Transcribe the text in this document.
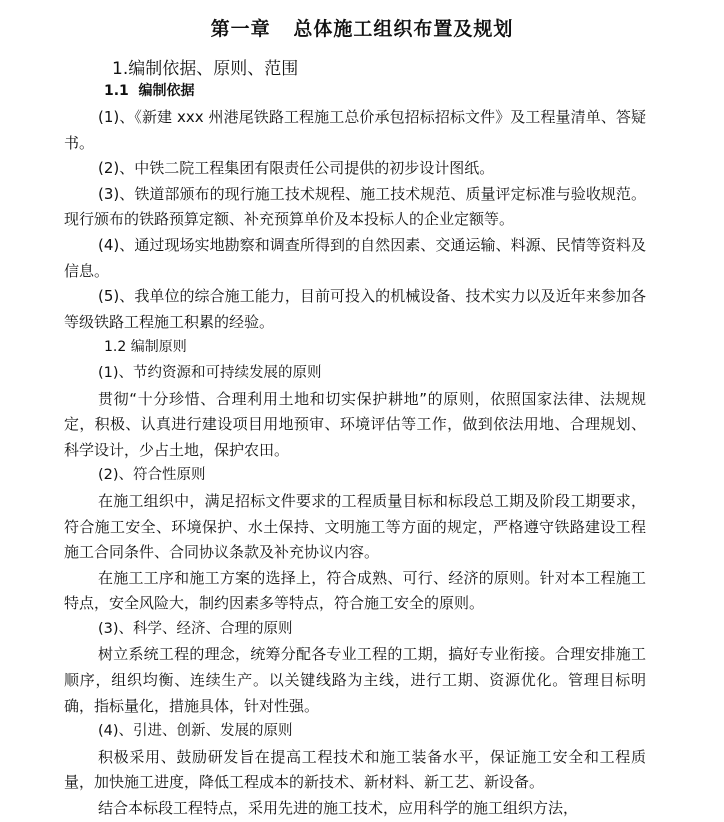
第一章   总体施工组织布置及规划
1.编制依据、原则、范围
1.1  编制依据

(1)、《新建 xxx 州港尾铁路工程施工总价承包招标招标文件》及工程量清单、答疑书。

(2)、中铁二院工程集团有限责任公司提供的初步设计图纸。

(3)、铁道部颁布的现行施工技术规程、施工技术规范、质量评定标准与验收规范。现行颁布的铁路预算定额、补充预算单价及本投标人的企业定额等。

(4)、通过现场实地勘察和调查所得到的自然因素、交通运输、料源、民情等资料及信息。

(5)、我单位的综合施工能力，目前可投入的机械设备、技术实力以及近年来参加各等级铁路工程施工积累的经验。

1.2 编制原则

(1)、节约资源和可持续发展的原则

贯彻“十分珍惜、合理利用土地和切实保护耕地”的原则，依照国家法律、法规规定，积极、认真进行建设项目用地预审、环境评估等工作，做到依法用地、合理规划、科学设计，少占土地，保护农田。

(2)、符合性原则

在施工组织中，满足招标文件要求的工程质量目标和标段总工期及阶段工期要求，符合施工安全、环境保护、水土保持、文明施工等方面的规定，严格遵守铁路建设工程施工合同条件、合同协议条款及补充协议内容。

在施工工序和施工方案的选择上，符合成熟、可行、经济的原则。针对本工程施工特点，安全风险大，制约因素多等特点，符合施工安全的原则。

(3)、科学、经济、合理的原则

树立系统工程的理念，统筹分配各专业工程的工期，搞好专业衔接。合理安排施工顺序，组织均衡、连续生产。以关键线路为主线，进行工期、资源优化。管理目标明确，指标量化，措施具体，针对性强。

(4)、引进、创新、发展的原则

积极采用、鼓励研发旨在提高工程技术和施工装备水平，保证施工安全和工程质量，加快施工进度，降低工程成本的新技术、新材料、新工艺、新设备。

结合本标段工程特点，采用先进的施工技术，应用科学的施工组织方法，
